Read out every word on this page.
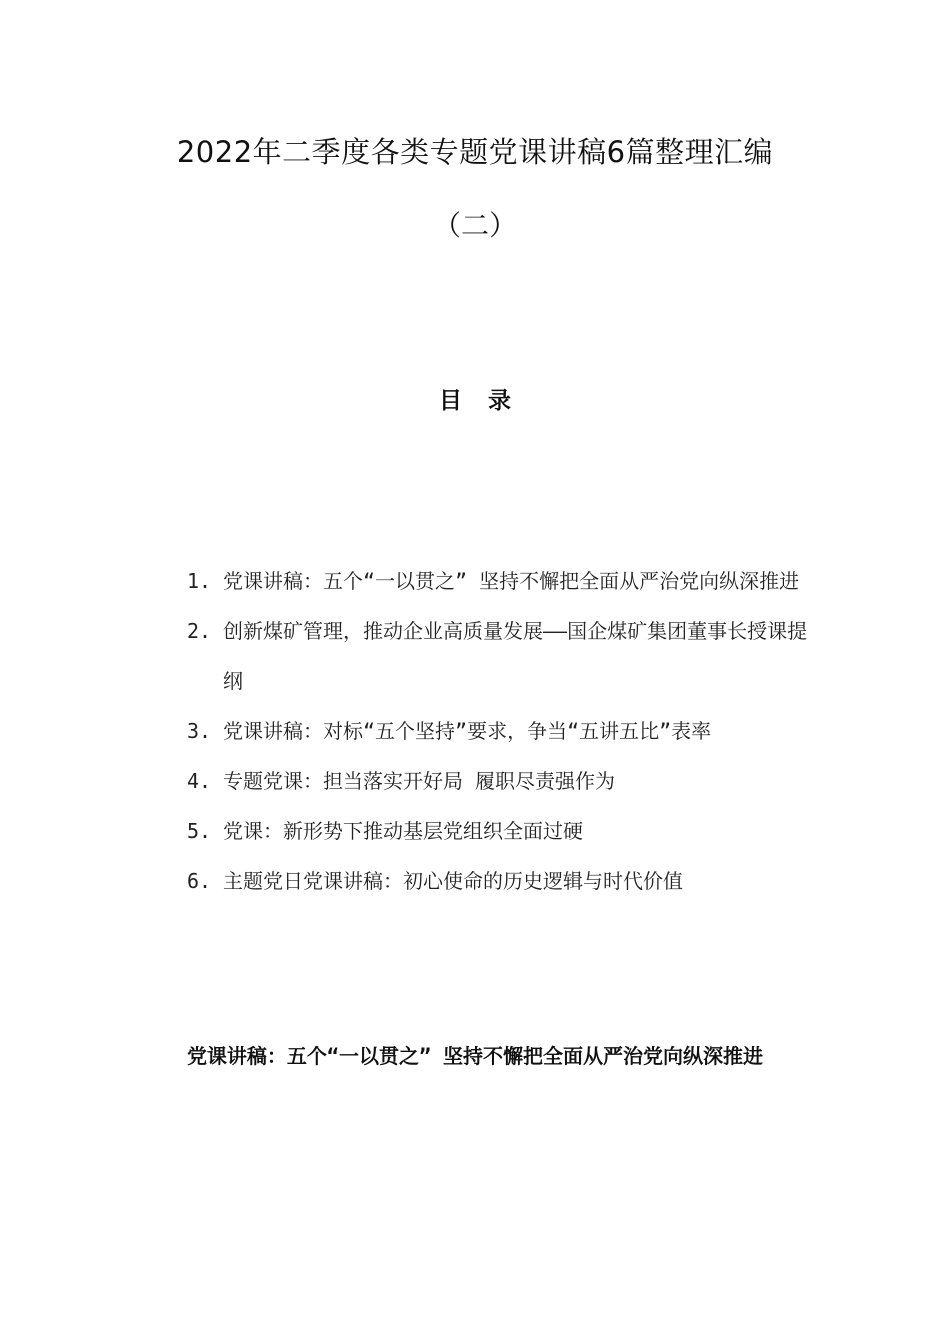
2022年二季度各类专题党课讲稿6篇整理汇编
（二）
目录
1. 党课讲稿：五个“一以贯之” 坚持不懈把全面从严治党向纵深推进
2. 创新煤矿管理，推动企业高质量发展——国企煤矿集团董事长授课提纲
3. 党课讲稿：对标“五个坚持”要求，争当“五讲五比”表率
4. 专题党课：担当落实开好局 履职尽责强作为
5. 党课：新形势下推动基层党组织全面过硬
6. 主题党日党课讲稿：初心使命的历史逻辑与时代价值
党课讲稿：五个“一以贯之” 坚持不懈把全面从严治党向纵深推进
